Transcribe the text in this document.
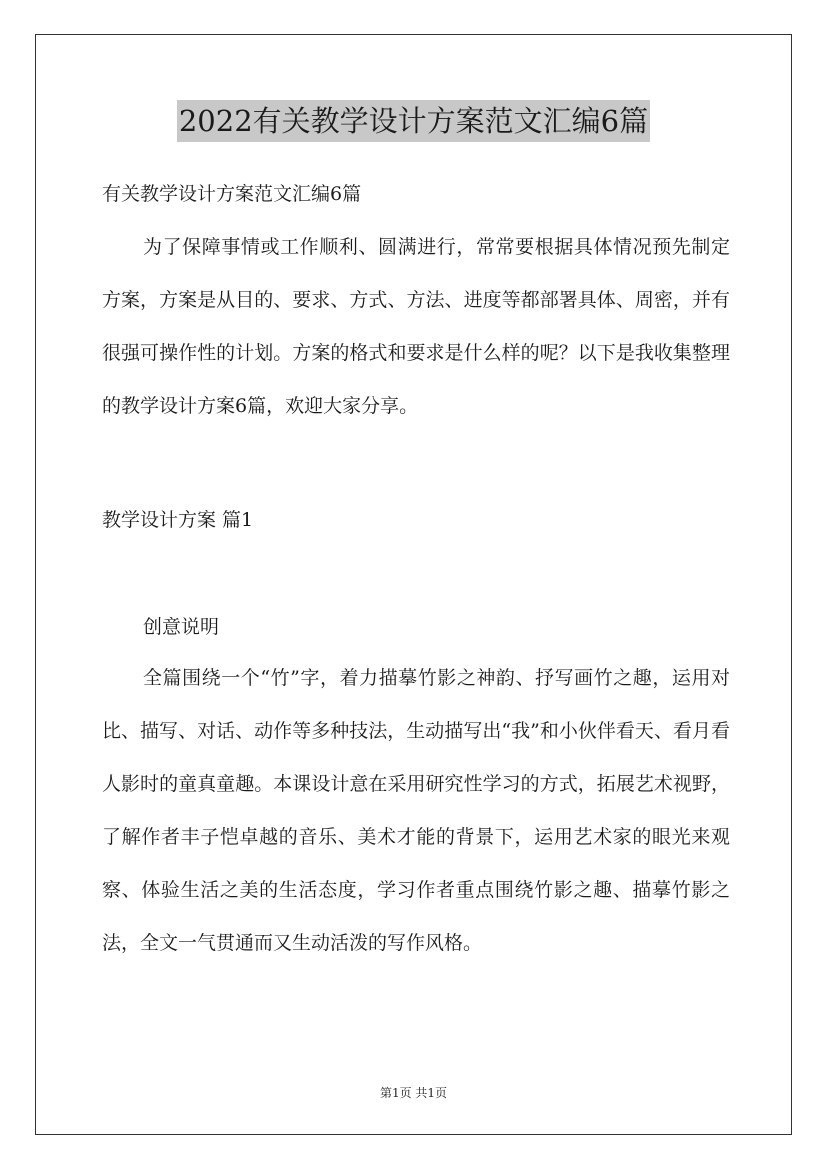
2022有关教学设计方案范文汇编6篇
有关教学设计方案范文汇编6篇

为了保障事情或工作顺利、圆满进行，常常要根据具体情况预先制定方案，方案是从目的、要求、方式、方法、进度等都部署具体、周密，并有很强可操作性的计划。方案的格式和要求是什么样的呢？以下是我收集整理的教学设计方案6篇，欢迎大家分享。

教学设计方案 篇1
创意说明

全篇围绕一个“竹”字，着力描摹竹影之神韵、抒写画竹之趣，运用对比、描写、对话、动作等多种技法，生动描写出“我”和小伙伴看天、看月看人影时的童真童趣。本课设计意在采用研究性学习的方式，拓展艺术视野，了解作者丰子恺卓越的音乐、美术才能的背景下，运用艺术家的眼光来观察、体验生活之美的生活态度，学习作者重点围绕竹影之趣、描摹竹影之法，全文一气贯通而又生动活泼的写作风格。

第1页 共1页
